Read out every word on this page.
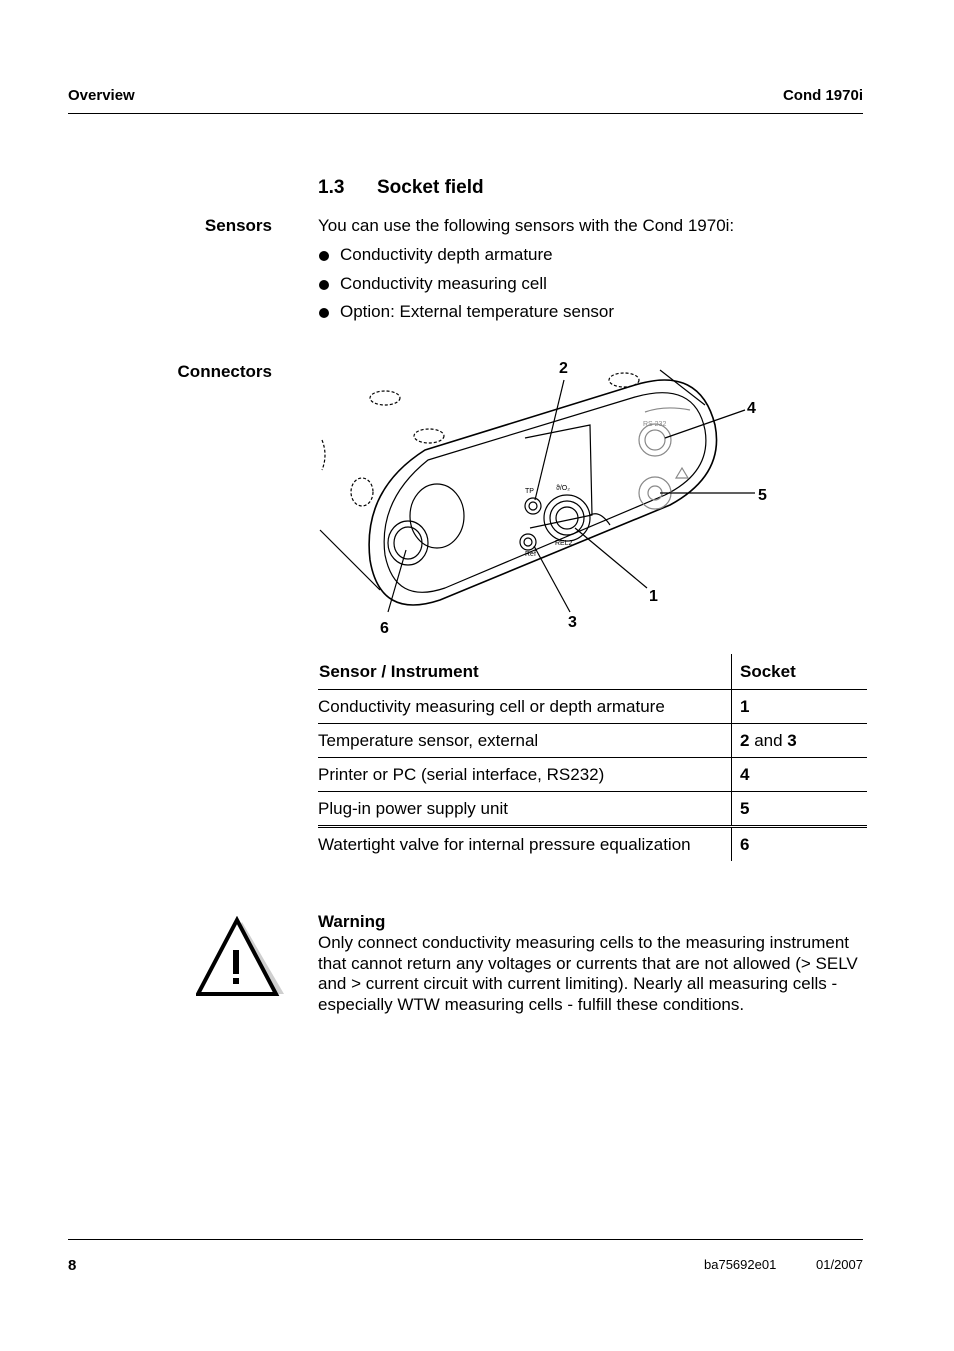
Overview	Cond 1970i
1.3 Socket field
Sensors	You can use the following sensors with the Cond 1970i:
Conductivity depth armature
Conductivity measuring cell
Option: External temperature sensor
Connectors
TP	ϑ/O₂
REL2
Ref
RS 232
1
2
3
4
5
6
Sensor / Instrument	Socket
Conductivity measuring cell or depth armature	1
Temperature sensor, external	2 and 3
Printer or PC (serial interface, RS232)	4
Plug-in power supply unit	5
Watertight valve for internal pressure equalization	6
Warning
Only connect conductivity measuring cells to the measuring instrument that cannot return any voltages or currents that are not allowed (> SELV and > current circuit with current limiting). Nearly all measuring cells - especially WTW measuring cells - fulfill these conditions.
8	ba75692e01	01/2007
